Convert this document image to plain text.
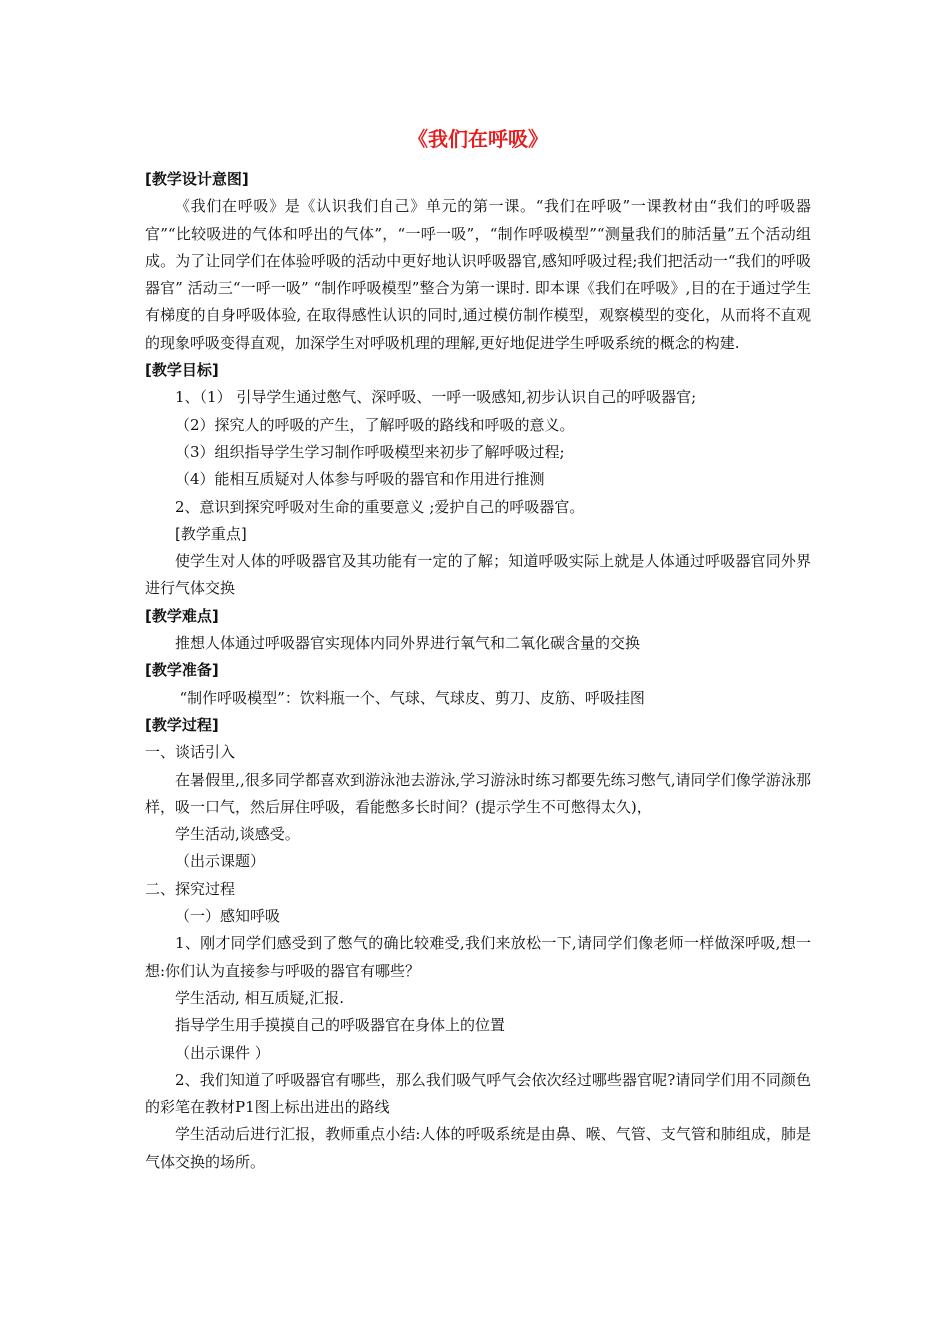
《我们在呼吸》

[教学设计意图]

《我们在呼吸》是《认识我们自己》单元的第一课。“我们在呼吸”一课教材由“我们的呼吸器官”“比较吸进的气体和呼出的气体”，“一呼一吸”，“制作呼吸模型”“测量我们的肺活量”五个活动组成。为了让同学们在体验呼吸的活动中更好地认识呼吸器官,感知呼吸过程;我们把活动一“我们的呼吸器官” 活动三“一呼一吸” “制作呼吸模型”整合为第一课时. 即本课《我们在呼吸》,目的在于通过学生有梯度的自身呼吸体验, 在取得感性认识的同时,通过模仿制作模型，观察模型的变化，从而将不直观的现象呼吸变得直观，加深学生对呼吸机理的理解,更好地促进学生呼吸系统的概念的构建.

[教学目标]

1、（1） 引导学生通过憋气、深呼吸、一呼一吸感知,初步认识自己的呼吸器官;

（2）探究人的呼吸的产生，了解呼吸的路线和呼吸的意义。

（3）组织指导学生学习制作呼吸模型来初步了解呼吸过程;

（4）能相互质疑对人体参与呼吸的器官和作用进行推测

2、意识到探究呼吸对生命的重要意义 ;爱护自己的呼吸器官。

[教学重点]

使学生对人体的呼吸器官及其功能有一定的了解；知道呼吸实际上就是人体通过呼吸器官同外界进行气体交换

[教学难点]

推想人体通过呼吸器官实现体内同外界进行氧气和二氧化碳含量的交换

[教学准备]

“制作呼吸模型”：饮料瓶一个、气球、气球皮、剪刀、皮筋、呼吸挂图

[教学过程]

一、谈话引入

在暑假里,,很多同学都喜欢到游泳池去游泳,学习游泳时练习都要先练习憋气,请同学们像学游泳那样，吸一口气，然后屏住呼吸，看能憋多长时间？(提示学生不可憋得太久)，

学生活动,谈感受。

（出示课题）

二、探究过程

（一）感知呼吸

1、刚才同学们感受到了憋气的确比较难受,我们来放松一下,请同学们像老师一样做深呼吸,想一想:你们认为直接参与呼吸的器官有哪些？

学生活动, 相互质疑,汇报.

指导学生用手摸摸自己的呼吸器官在身体上的位置

（出示课件 ）

2、我们知道了呼吸器官有哪些，那么我们吸气呼气会依次经过哪些器官呢?请同学们用不同颜色的彩笔在教材P1图上标出进出的路线

学生活动后进行汇报，教师重点小结:人体的呼吸系统是由鼻、喉、气管、支气管和肺组成，肺是气体交换的场所。
